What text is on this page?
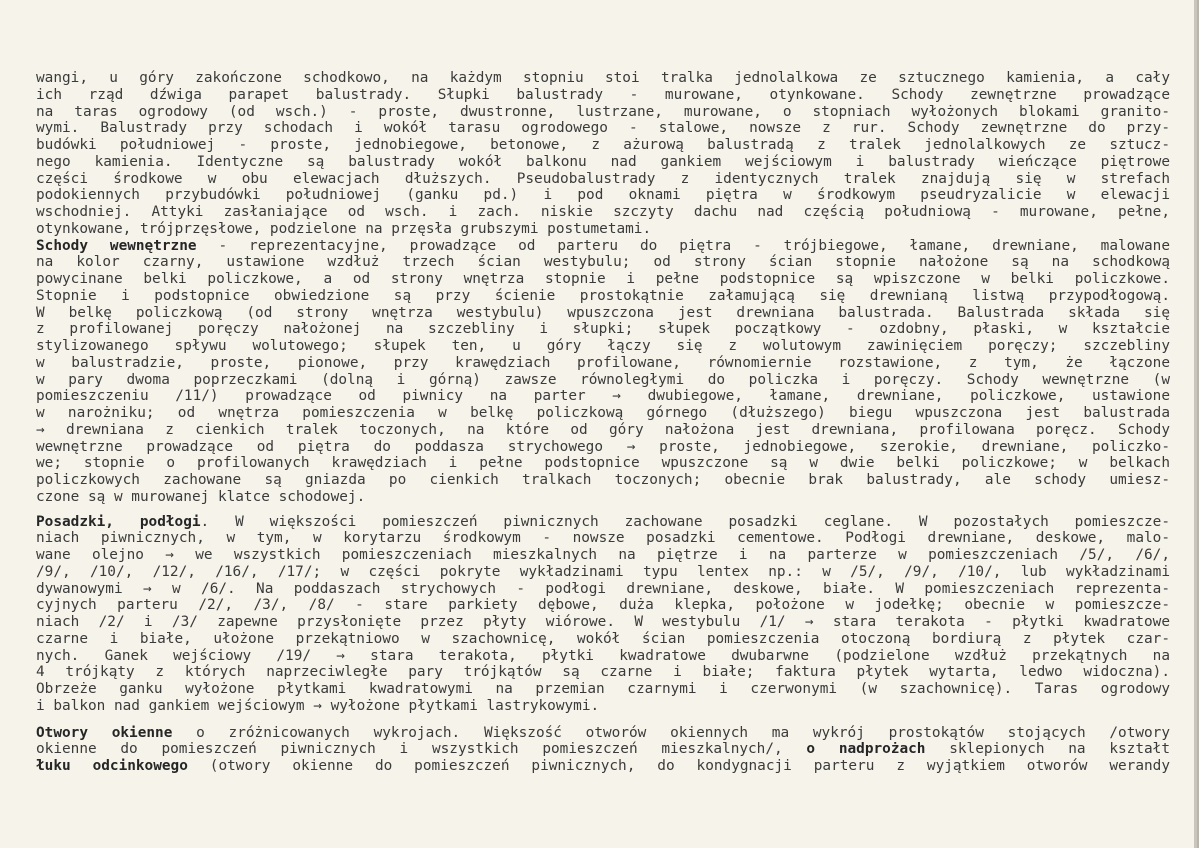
wangi, u góry zakończone schodkowo, na każdym stopniu stoi tralka jednolalkowa ze sztucznego kamienia, a cały
ich rząd dźwiga parapet balustrady. Słupki balustrady - murowane, otynkowane. Schody zewnętrzne prowadzące
na taras ogrodowy (od wsch.) - proste, dwustronne, lustrzane, murowane, o stopniach wyłożonych blokami granito-
wymi. Balustrady przy schodach i wokół tarasu ogrodowego - stalowe, nowsze z rur. Schody zewnętrzne do przy-
budówki południowej - proste, jednobiegowe, betonowe, z ażurową balustradą z tralek jednolalkowych ze sztucz-
nego kamienia. Identyczne są balustrady wokół balkonu nad gankiem wejściowym i balustrady wieńczące piętrowe
części środkowe w obu elewacjach dłuższych. Pseudobalustrady z identycznych tralek znajdują się w strefach
podokiennych przybudówki południowej (ganku pd.) i pod oknami piętra w środkowym pseudryzalicie w elewacji
wschodniej. Attyki zasłaniające od wsch. i zach. niskie szczyty dachu nad częścią południową - murowane, pełne,
otynkowane, trójprzęsłowe, podzielone na przęsła grubszymi postumetami.
Schody wewnętrzne - reprezentacyjne, prowadzące od parteru do piętra - trójbiegowe, łamane, drewniane, malowane
na kolor czarny, ustawione wzdłuż trzech ścian westybulu; od strony ścian stopnie nałożone są na schodkową
powycinane belki policzkowe, a od strony wnętrza stopnie i pełne podstopnice są wpiszczone w belki policzkowe.
Stopnie i podstopnice obwiedzione są przy ścienie prostokątnie załamującą się drewnianą listwą przypodłogową.
W belkę policzkową (od strony wnętrza westybulu) wpuszczona jest drewniana balustrada. Balustrada składa się
z profilowanej poręczy nałożonej na szczebliny i słupki; słupek początkowy - ozdobny, płaski, w kształcie
stylizowanego spływu wolutowego; słupek ten, u góry łączy się z wolutowym zawinięciem poręczy; szczebliny
w balustradzie, proste, pionowe, przy krawędziach profilowane, równomiernie rozstawione, z tym, że łączone
w pary dwoma poprzeczkami (dolną i górną) zawsze równoległymi do policzka i poręczy. Schody wewnętrzne (w
pomieszczeniu /11/) prowadzące od piwnicy na parter → dwubiegowe, łamane, drewniane, policzkowe, ustawione
w narożniku; od wnętrza pomieszczenia w belkę policzkową górnego (dłuższego) biegu wpuszczona jest balustrada
→ drewniana z cienkich tralek toczonych, na które od góry nałożona jest drewniana, profilowana poręcz. Schody
wewnętrzne prowadzące od piętra do poddasza strychowego → proste, jednobiegowe, szerokie, drewniane, policzko-
we; stopnie o profilowanych krawędziach i pełne podstopnice wpuszczone są w dwie belki policzkowe; w belkach
policzkowych zachowane są gniazda po cienkich tralkach toczonych; obecnie brak balustrady, ale schody umiesz-
czone są w murowanej klatce schodowej.
Posadzki, podłogi. W większości pomieszczeń piwnicznych zachowane posadzki ceglane. W pozostałych pomieszcze-
niach piwnicznych, w tym, w korytarzu środkowym - nowsze posadzki cementowe. Podłogi drewniane, deskowe, malo-
wane olejno → we wszystkich pomieszczeniach mieszkalnych na piętrze i na parterze w pomieszczeniach /5/, /6/,
/9/, /10/, /12/, /16/, /17/; w części pokryte wykładzinami typu lentex np.: w /5/, /9/, /10/, lub wykładzinami
dywanowymi → w /6/. Na poddaszach strychowych - podłogi drewniane, deskowe, białe. W pomieszczeniach reprezenta-
cyjnych parteru /2/, /3/, /8/ - stare parkiety dębowe, duża klepka, położone w jodełkę; obecnie w pomieszcze-
niach /2/ i /3/ zapewne przysłonięte przez płyty wiórowe. W westybulu /1/ → stara terakota - płytki kwadratowe
czarne i białe, ułożone przekątniowo w szachownicę, wokół ścian pomieszczenia otoczoną bordiurą z płytek czar-
nych. Ganek wejściowy /19/ → stara terakota, płytki kwadratowe dwubarwne (podzielone wzdłuż przekątnych na
4 trójkąty z których naprzeciwległe pary trójkątów są czarne i białe; faktura płytek wytarta, ledwo widoczna).
Obrzeże ganku wyłożone płytkami kwadratowymi na przemian czarnymi i czerwonymi (w szachownicę). Taras ogrodowy
i balkon nad gankiem wejściowym → wyłożone płytkami lastrykowymi.
Otwory okienne o zróżnicowanych wykrojach. Większość otworów okiennych ma wykrój prostokątów stojących /otwory
okienne do pomieszczeń piwnicznych i wszystkich pomieszczeń mieszkalnych/, o nadprożach sklepionych na kształt
łuku odcinkowego (otwory okienne do pomieszczeń piwnicznych, do kondygnacji parteru z wyjątkiem otworów werandy
